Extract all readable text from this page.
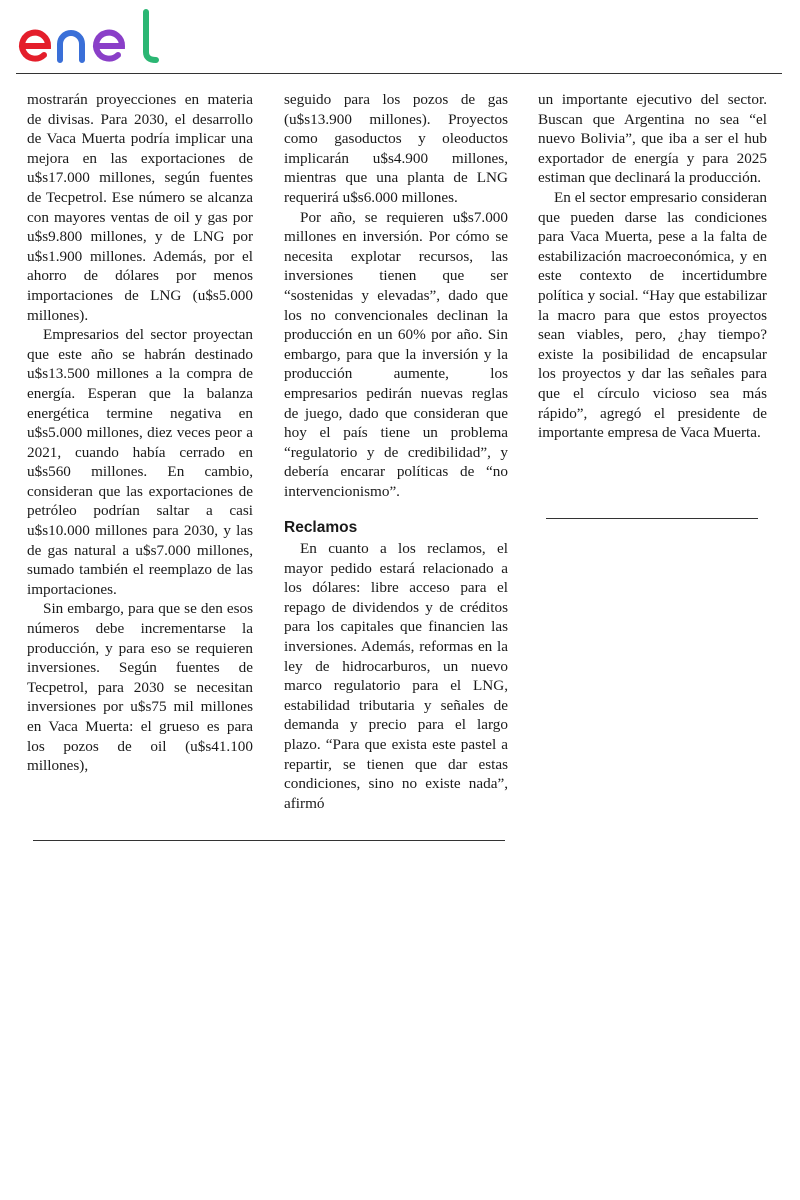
mostrarán proyecciones en materia de divisas. Para 2030, el desarrollo de Vaca Muerta podría implicar una mejora en las exportaciones de u$s17.000 millones, según fuentes de Tecpetrol. Ese número se alcanza con mayores ventas de oil y gas por u$s9.800 millones, y de LNG por u$s1.900 millones. Además, por el ahorro de dólares por menos importaciones de LNG (u$s5.000 millones).

Empresarios del sector proyectan que este año se habrán destinado u$s13.500 millones a la compra de energía. Esperan que la balanza energética termine negativa en u$s5.000 millones, diez veces peor a 2021, cuando había cerrado en u$s560 millones. En cambio, consideran que las exportaciones de petróleo podrían saltar a casi u$s10.000 millones para 2030, y las de gas natural a u$s7.000 millones, sumado también el reemplazo de las importaciones.

Sin embargo, para que se den esos números debe incrementarse la producción, y para eso se requieren inversiones. Según fuentes de Tecpetrol, para 2030 se necesitan inversiones por u$s75 mil millones en Vaca Muerta: el grueso es para los pozos de oil (u$s41.100 millones),

seguido para los pozos de gas (u$s13.900 millones). Proyectos como gasoductos y oleoductos implicarán u$s4.900 millones, mientras que una planta de LNG requerirá u$s6.000 millones.

Por año, se requieren u$s7.000 millones en inversión. Por cómo se necesita explotar recursos, las inversiones tienen que ser “sostenidas y elevadas”, dado que los no convencionales declinan la producción en un 60% por año. Sin embargo, para que la inversión y la producción aumente, los empresarios pedirán nuevas reglas de juego, dado que consideran que hoy el país tiene un problema “regulatorio y de credibilidad”, y debería encarar políticas de “no intervencionismo”.

Reclamos

En cuanto a los reclamos, el mayor pedido estará relacionado a los dólares: libre acceso para el repago de dividendos y de créditos para los capitales que financien las inversiones. Además, reformas en la ley de hidrocarburos, un nuevo marco regulatorio para el LNG, estabilidad tributaria y señales de demanda y precio para el largo plazo. “Para que exista este pastel a repartir, se tienen que dar estas condiciones, sino no existe nada”, afirmó

un importante ejecutivo del sector. Buscan que Argentina no sea “el nuevo Bolivia”, que iba a ser el hub exportador de energía y para 2025 estiman que declinará la producción.

En el sector empresario consideran que pueden darse las condiciones para Vaca Muerta, pese a la falta de estabilización macroeconómica, y en este contexto de incertidumbre política y social. “Hay que estabilizar la macro para que estos proyectos sean viables, pero, ¿hay tiempo? existe la posibilidad de encapsular los proyectos y dar las señales para que el círculo vicioso sea más rápido”, agregó el presidente de importante empresa de Vaca Muerta.
